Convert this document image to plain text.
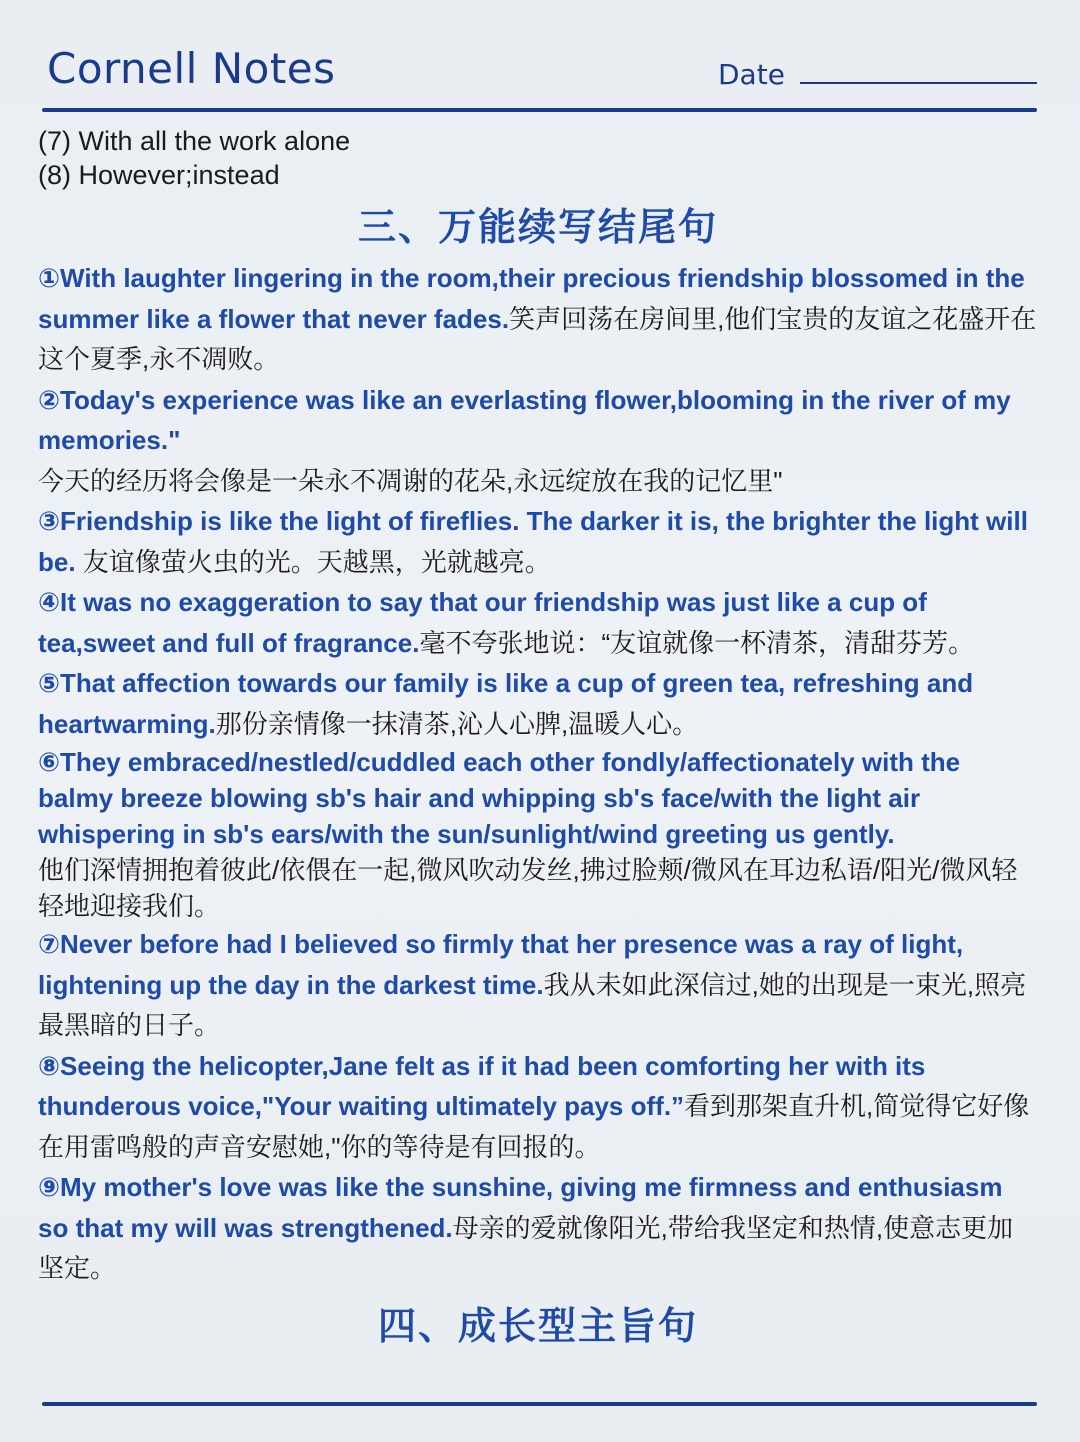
Cornell Notes	Date
(7) With all the work alone
(8) However;instead
三、万能续写结尾句
①With laughter lingering in the room,their precious friendship blossomed in the summer like a flower that never fades.笑声回荡在房间里,他们宝贵的友谊之花盛开在这个夏季,永不凋败。
②Today's experience was like an everlasting flower,blooming in the river of my memories."
今天的经历将会像是一朵永不凋谢的花朵,永远绽放在我的记忆里"
③Friendship is like the light of fireflies. The darker it is, the brighter the light will be. 友谊像萤火虫的光。天越黑，光就越亮。
④It was no exaggeration to say that our friendship was just like a cup of tea,sweet and full of fragrance.毫不夸张地说：“友谊就像一杯清茶，清甜芬芳。
⑤That affection towards our family is like a cup of green tea, refreshing and heartwarming.那份亲情像一抹清茶,沁人心脾,温暖人心。
⑥They embraced/nestled/cuddled each other fondly/affectionately with the balmy breeze blowing sb's hair and whipping sb's face/with the light air whispering in sb's ears/with the sun/sunlight/wind greeting us gently.
他们深情拥抱着彼此/依偎在一起,微风吹动发丝,拂过脸颊/微风在耳边私语/阳光/微风轻轻地迎接我们。
⑦Never before had I believed so firmly that her presence was a ray of light, lightening up the day in the darkest time.我从未如此深信过,她的出现是一束光,照亮最黑暗的日子。
⑧Seeing the helicopter,Jane felt as if it had been comforting her with its thunderous voice,"Your waiting ultimately pays off.”看到那架直升机,简觉得它好像在用雷鸣般的声音安慰她,"你的等待是有回报的。
⑨My mother's love was like the sunshine, giving me firmness and enthusiasm so that my will was strengthened.母亲的爱就像阳光,带给我坚定和热情,使意志更加坚定。
四、成长型主旨句
